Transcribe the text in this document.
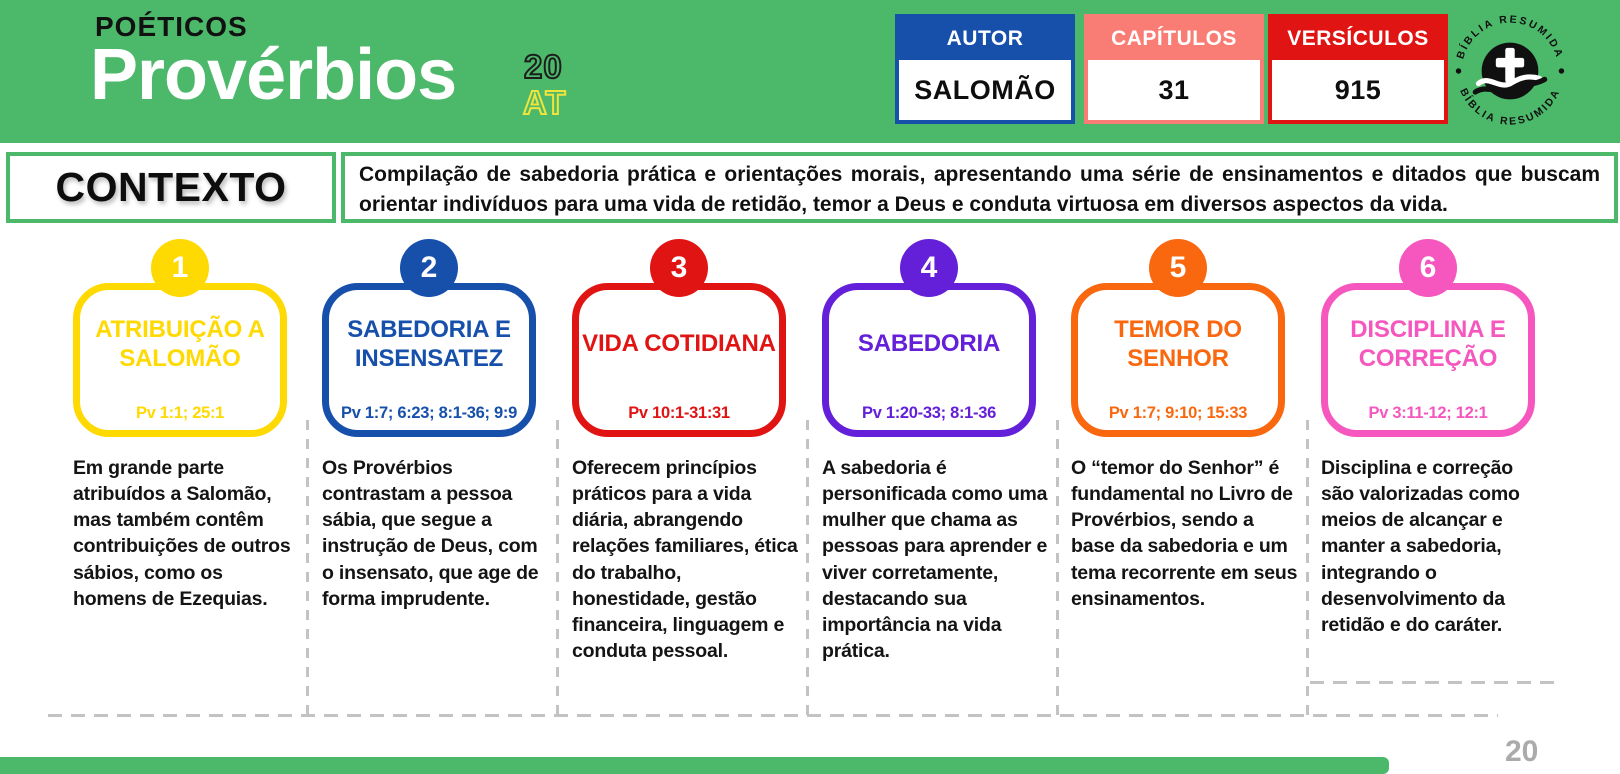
POÉTICOS
Provérbios 20
AT
AUTOR
SALOMÃO
CAPÍTULOS
31
VERSÍCULOS
915
BÍBLIA RESUMIDA
BÍBLIA RESUMIDA
CONTEXTO	Compilação de sabedoria prática e orientações morais, apresentando uma série de ensinamentos e ditados que buscam orientar indivíduos para uma vida de retidão, temor a Deus e conduta virtuosa em diversos aspectos da vida.
1
ATRIBUIÇÃO A SALOMÃO
Pv 1:1; 25:1

Em grande parte atribuídos a Salomão, mas também contêm contribuições de outros sábios, como os homens de Ezequias.

2
SABEDORIA E INSENSATEZ
Pv 1:7; 6:23; 8:1-36; 9:9

Os Provérbios contrastam a pessoa sábia, que segue a instrução de Deus, com o insensato, que age de forma imprudente.

3
VIDA COTIDIANA
Pv 10:1-31:31

Oferecem princípios práticos para a vida diária, abrangendo relações familiares, ética do trabalho, honestidade, gestão financeira, linguagem e conduta pessoal.

4
SABEDORIA
Pv 1:20-33; 8:1-36

A sabedoria é personificada como uma mulher que chama as pessoas para aprender e viver corretamente, destacando sua importância na vida prática.

5
TEMOR DO SENHOR
Pv 1:7; 9:10; 15:33

O “temor do Senhor” é fundamental no Livro de Provérbios, sendo a base da sabedoria e um tema recorrente em seus ensinamentos.

6
DISCIPLINA E CORREÇÃO
Pv 3:11-12; 12:1

Disciplina e correção são valorizadas como meios de alcançar e manter a sabedoria, integrando o desenvolvimento da retidão e do caráter.

20
